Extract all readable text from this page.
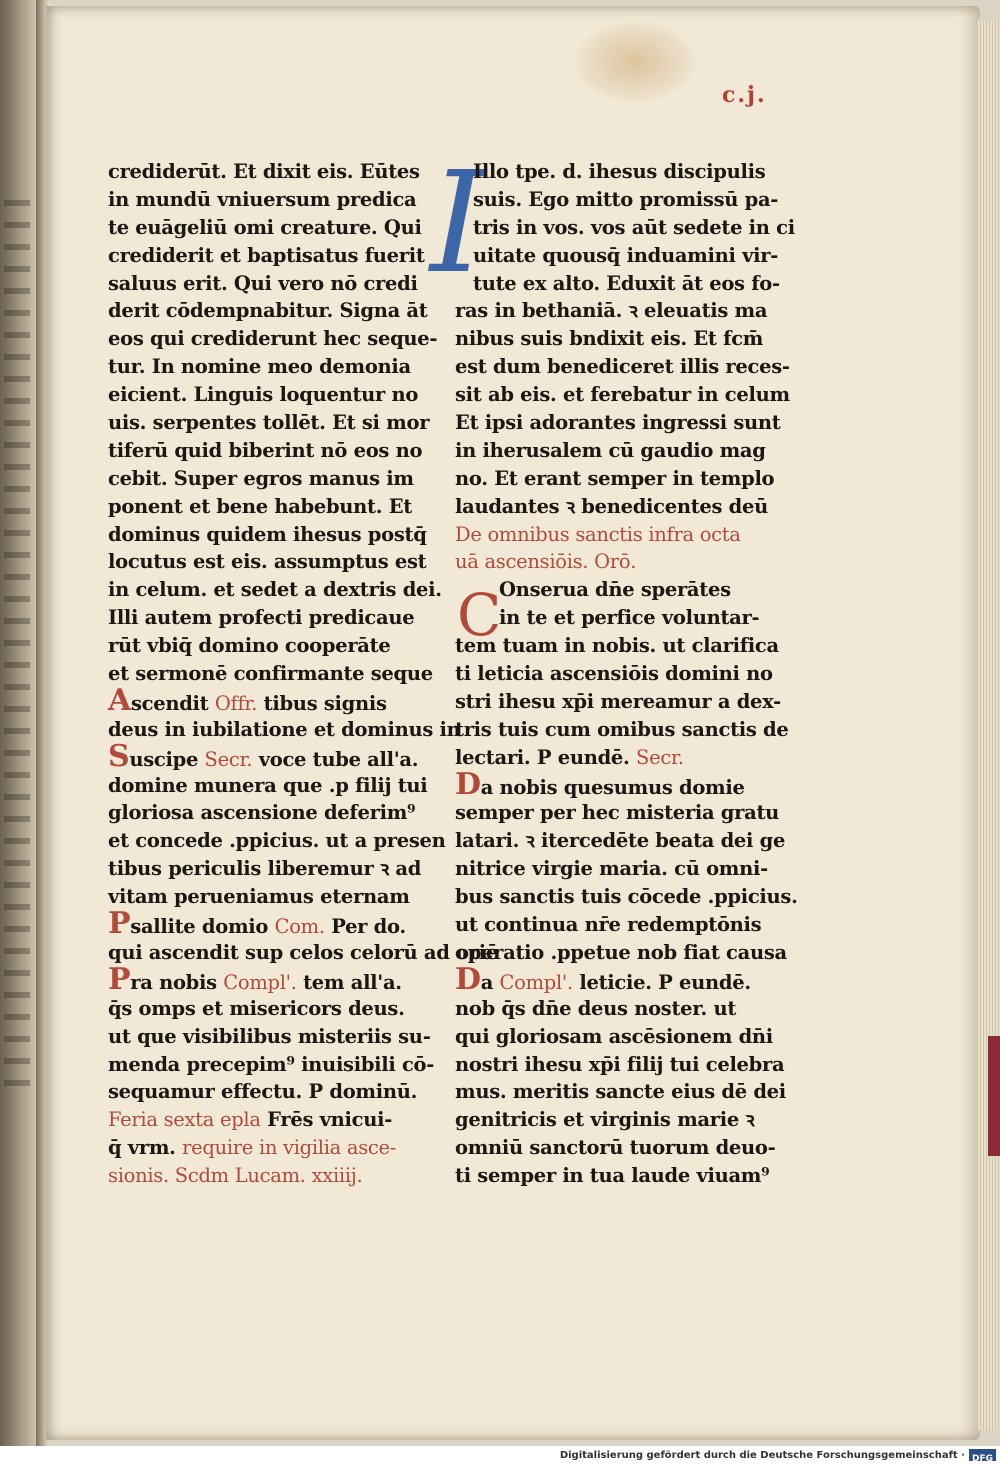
c.j.
I
C
crediderūt. Et dixit eis. Eūtes
in mundū vniuersum predica
te euāgeliū omi creature. Qui
crediderit et baptisatus fuerit
saluus erit. Qui vero nō credi
derit cōdempnabitur. Signa āt
eos qui crediderunt hec seque-
tur. In nomine meo demonia
eicient. Linguis loquentur no
uis. serpentes tollēt. Et si mor
tiferū quid biberint nō eos no
cebit. Super egros manus im
ponent et bene habebunt. Et
dominus quidem ihesus postq̄
locutus est eis. assumptus est
in celum. et sedet a dextris dei.
Illi autem profecti predicaue
rūt vbiq̄ domino cooperāte
et sermonē confirmante seque
Ascendit Offr. tibus signis
deus in iubilatione et dominus in
Suscipe Secr. voce tube all'a.
domine munera que .p filij tui
gloriosa ascensione deferim⁹
et concede .ppicius. ut a presen
tibus periculis liberemur ꝛ ad
vitam perueniamus eternam
Psallite domio Com. Per do.
qui ascendit sup celos celorū ad oriē
Pra nobis Compl'. tem all'a.
q̄s omps et misericors deus.
ut que visibilibus misteriis su-
menda precepim⁹ inuisibili cō-
sequamur effectu. P dominū.
Feria sexta epla Frēs vnicui-
q̄ vrm. require in vigilia asce-
sionis. Scdm Lucam. xxiiij.
Illo tpe. d. ihesus discipulis
suis. Ego mitto promissū pa-
tris in vos. vos aūt sedete in ci
uitate quousq̄ induamini vir-
tute ex alto. Eduxit āt eos fo-
ras in bethaniā. ꝛ eleuatis ma
nibus suis bndixit eis. Et fcm̄
est dum benediceret illis reces-
sit ab eis. et ferebatur in celum
Et ipsi adorantes ingressi sunt
in iherusalem cū gaudio mag
no. Et erant semper in templo
laudantes ꝛ benedicentes deū
De omnibus sanctis infra octa
uā ascensiōis. Orō.
Onserua dn̄e sperātes
in te et perfice voluntar-
tem tuam in nobis. ut clarifica
ti leticia ascensiōis domini no
stri ihesu xp̄i mereamur a dex-
tris tuis cum omibus sanctis de
lectari. P eundē. Secr.
Da nobis quesumus domie
semper per hec misteria gratu
latari. ꝛ itercedēte beata dei ge
nitrice virgie maria. cū omni-
bus sanctis tuis cōcede .ppicius.
ut continua nr̄e redemptōnis
operatio .ppetue nob fiat causa
Da Compl'. leticie. P eundē.
nob q̄s dn̄e deus noster. ut
qui gloriosam ascēsionem dn̄i
nostri ihesu xp̄i filij tui celebra
mus. meritis sancte eius dē dei
genitricis et virginis marie ꝛ
omniū sanctorū tuorum deuo-
ti semper in tua laude viuam⁹
Digitalisierung gefördert durch die Deutsche Forschungsgemeinschaft · DFG
